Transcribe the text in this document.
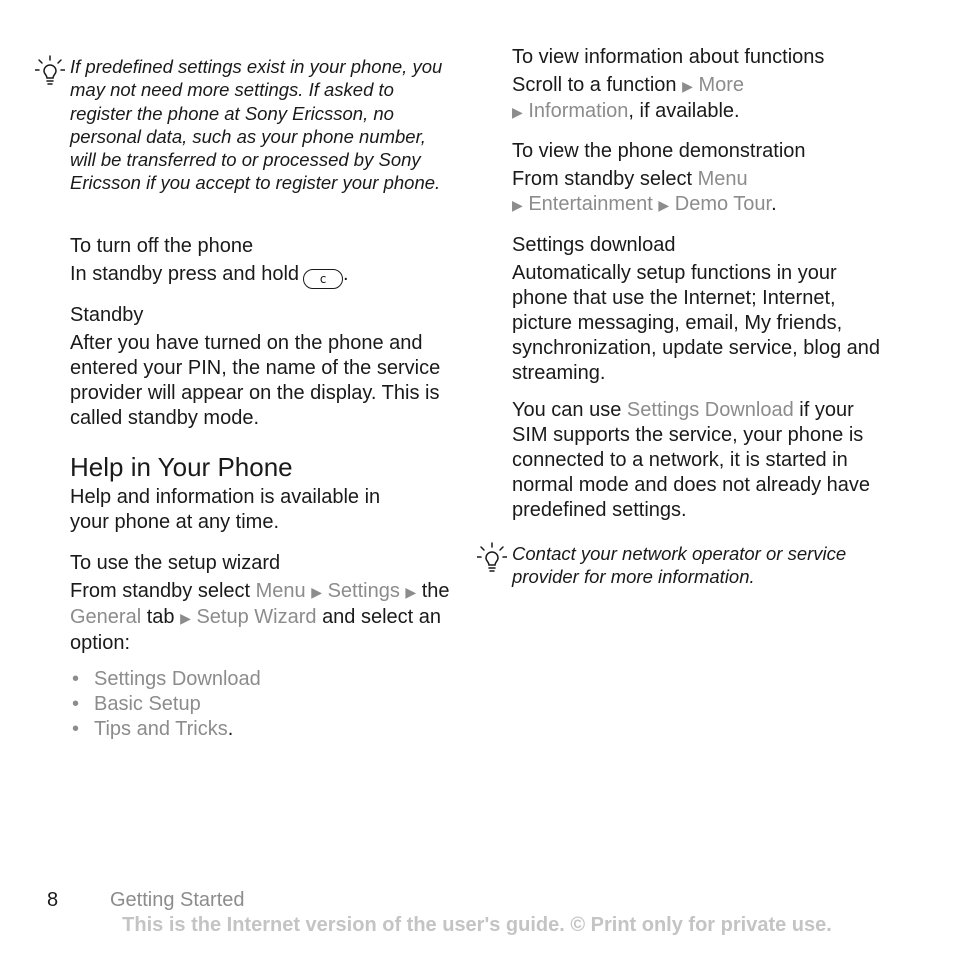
If predefined settings exist in your phone, you may not need more settings. If asked to register the phone at Sony Ericsson, no personal data, such as your phone number, will be transferred to or processed by Sony Ericsson if you accept to register your phone.
To turn off the phone

In standby press and hold c .

Standby

After you have turned on the phone and entered your PIN, the name of the service provider will appear on the display. This is called standby mode.

Help in Your Phone

Help and information is available in your phone at any time.

To use the setup wizard

From standby select Menu ▶ Settings ▶ the General tab ▶ Setup Wizard and select an option:

• Settings Download
• Basic Setup
• Tips and Tricks.
To view information about functions

Scroll to a function ▶ More
▶ Information, if available.

To view the phone demonstration

From standby select Menu
▶ Entertainment ▶ Demo Tour.

Settings download

Automatically setup functions in your phone that use the Internet; Internet, picture messaging, email, My friends, synchronization, update service, blog and streaming.

You can use Settings Download if your SIM supports the service, your phone is connected to a network, it is started in normal mode and does not already have predefined settings.

Contact your network operator or service provider for more information.
8	Getting Started
This is the Internet version of the user's guide. © Print only for private use.
